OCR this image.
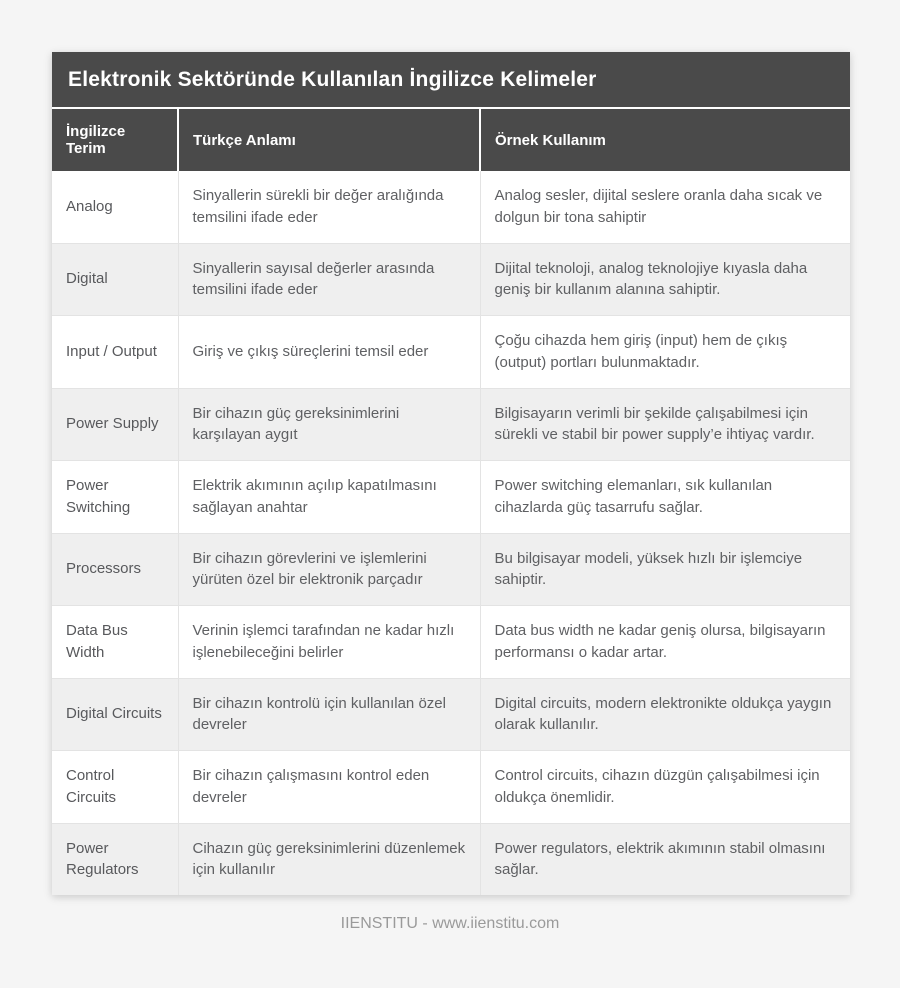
Elektronik Sektöründe Kullanılan İngilizce Kelimeler
İngilizce Terim	Türkçe Anlamı	Örnek Kullanım
Analog	Sinyallerin sürekli bir değer aralığında temsilini ifade eder	Analog sesler, dijital seslere oranla daha sıcak ve dolgun bir tona sahiptir
Digital	Sinyallerin sayısal değerler arasında temsilini ifade eder	Dijital teknoloji, analog teknolojiye kıyasla daha geniş bir kullanım alanına sahiptir.
Input / Output	Giriş ve çıkış süreçlerini temsil eder	Çoğu cihazda hem giriş (input) hem de çıkış (output) portları bulunmaktadır.
Power Supply	Bir cihazın güç gereksinimlerini karşılayan aygıt	Bilgisayarın verimli bir şekilde çalışabilmesi için sürekli ve stabil bir power supply’e ihtiyaç vardır.
Power Switching	Elektrik akımının açılıp kapatılmasını sağlayan anahtar	Power switching elemanları, sık kullanılan cihazlarda güç tasarrufu sağlar.
Processors	Bir cihazın görevlerini ve işlemlerini yürüten özel bir elektronik parçadır	Bu bilgisayar modeli, yüksek hızlı bir işlemciye sahiptir.
Data Bus Width	Verinin işlemci tarafından ne kadar hızlı işlenebileceğini belirler	Data bus width ne kadar geniş olursa, bilgisayarın performansı o kadar artar.
Digital Circuits	Bir cihazın kontrolü için kullanılan özel devreler	Digital circuits, modern elektronikte oldukça yaygın olarak kullanılır.
Control Circuits	Bir cihazın çalışmasını kontrol eden devreler	Control circuits, cihazın düzgün çalışabilmesi için oldukça önemlidir.
Power Regulators	Cihazın güç gereksinimlerini düzenlemek için kullanılır	Power regulators, elektrik akımının stabil olmasını sağlar.
IIENSTITU - www.iienstitu.com
